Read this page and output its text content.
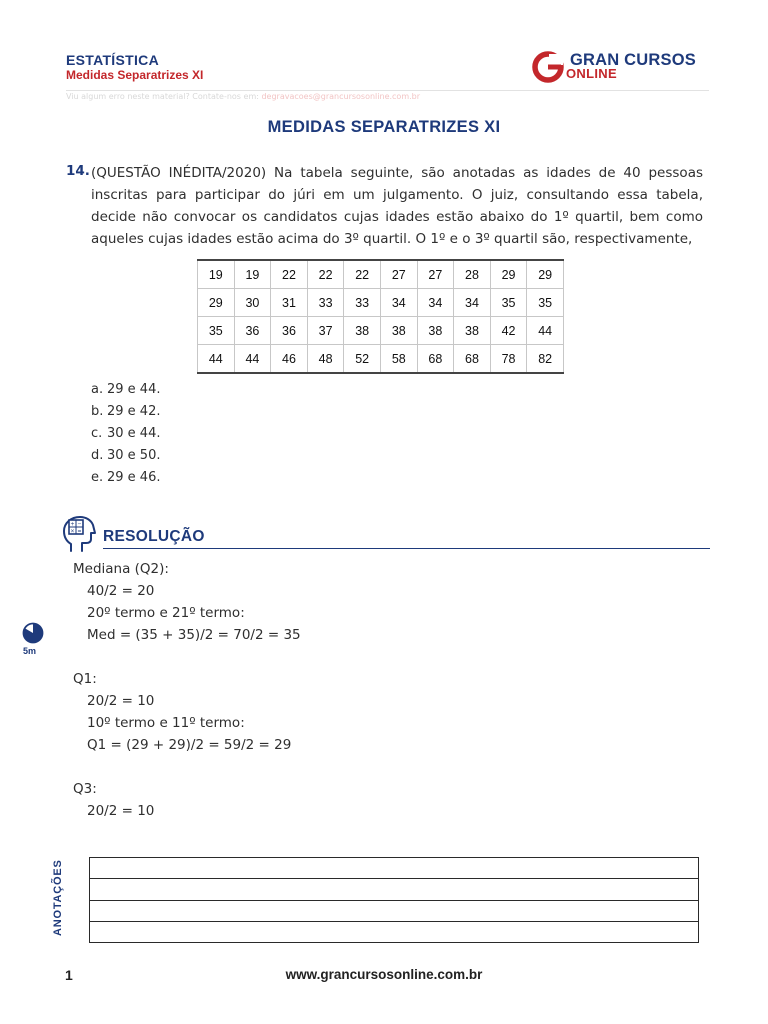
ESTATÍSTICA
Medidas Separatrizes XI
GRAN CURSOS
ONLINE
Viu algum erro neste material? Contate-nos em: degravacoes@grancursosonline.com.br
MEDIDAS SEPARATRIZES XI
14. (QUESTÃO INÉDITA/2020) Na tabela seguinte, são anotadas as idades de 40 pessoas inscritas para participar do júri em um julgamento. O juiz, consultando essa tabela, decide não convocar os candidatos cujas idades estão abaixo do 1º quartil, bem como aqueles cujas idades estão acima do 3º quartil. O 1º e o 3º quartil são, respectivamente,
19	19	22	22	22	27	27	28	29	29
29	30	31	33	33	34	34	34	35	35
35	36	36	37	38	38	38	38	42	44
44	44	46	48	52	58	68	68	78	82
a. 29 e 44.
b. 29 e 42.
c. 30 e 44.
d. 30 e 50.
e. 29 e 46.
+ −
× = RESOLUÇÃO
Mediana (Q2):
40/2 = 20
20º termo e 21º termo:
Med = (35 + 35)/2 = 70/2 = 35
Q1:
20/2 = 10
10º termo e 11º termo:
Q1 = (29 + 29)/2 = 59/2 = 29
Q3:
20/2 = 10
5m
ANOTAÇÕES
1	www.grancursosonline.com.br
